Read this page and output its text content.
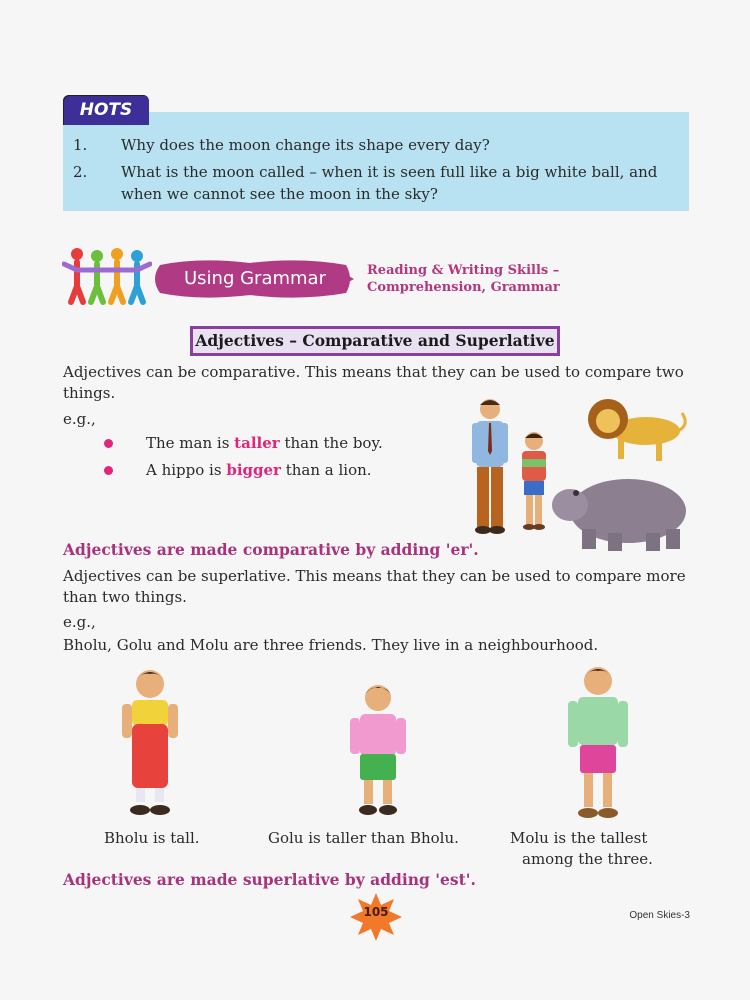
1.	Why does the moon change its shape every day?
2.	What is the moon called – when it is seen full like a big white ball, and when we cannot see the moon in the sky?
HOTS
Using Grammar	Reading & Writing Skills –
Comprehension, Grammar
Adjectives – Comparative and Superlative
Adjectives can be comparative. This means that they can be used to compare two things.
e.g.,
The man is taller than the boy.
A hippo is bigger than a lion.
Adjectives are made comparative by adding 'er'.
Adjectives can be superlative. This means that they can be used to compare more than two things.
e.g.,
Bholu, Golu and Molu are three friends. They live in a neighbourhood.
Bholu is tall.	Golu is taller than Bholu.	Molu is the tallest
among the three.
Adjectives are made superlative by adding 'est'.
105	Open Skies-3
